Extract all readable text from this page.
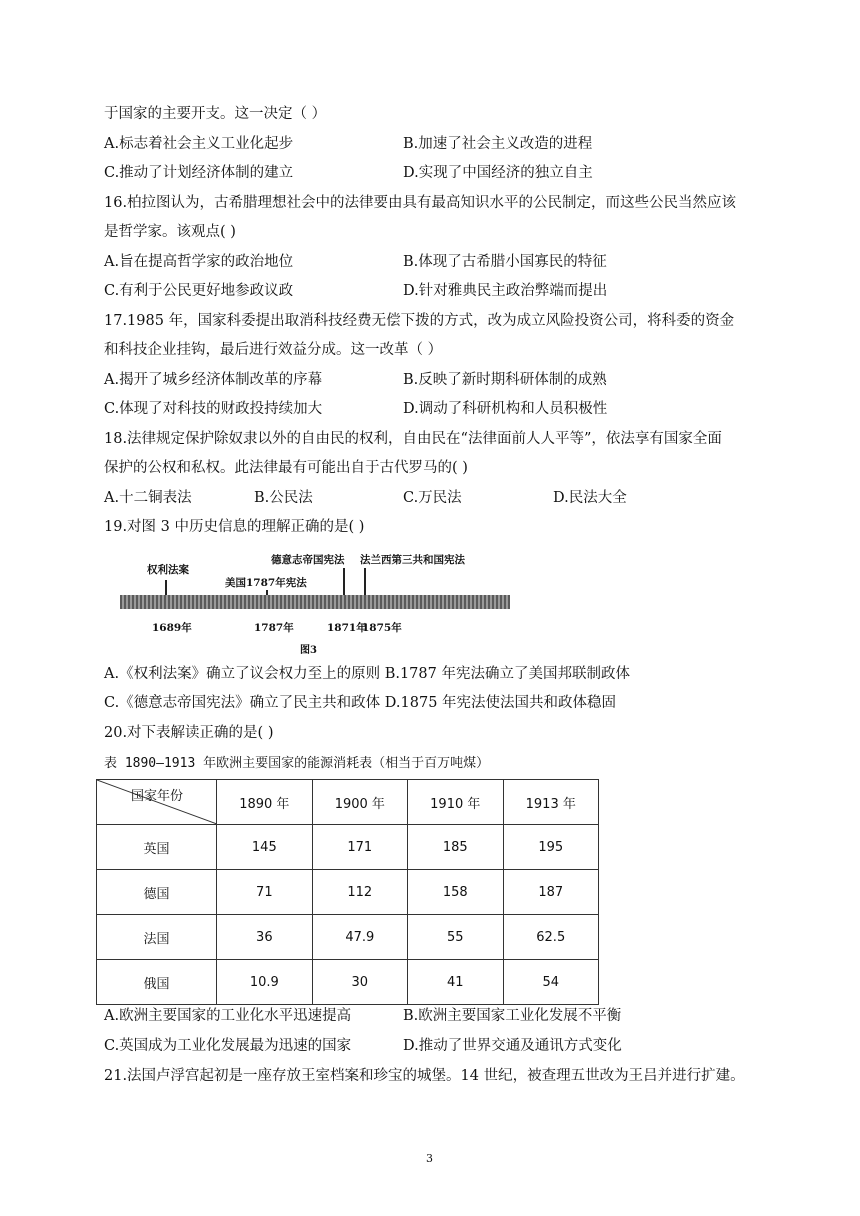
于国家的主要开支。这一决定（ ）
A.标志着社会主义工业化起步	B.加速了社会主义改造的进程
C.推动了计划经济体制的建立	D.实现了中国经济的独立自主
16.柏拉图认为，古希腊理想社会中的法律要由具有最高知识水平的公民制定，而这些公民当然应该
是哲学家。该观点( )
A.旨在提高哲学家的政治地位	B.体现了古希腊小国寡民的特征
C.有利于公民更好地参政议政	D.针对雅典民主政治弊端而提出
17.1985 年，国家科委提出取消科技经费无偿下拨的方式，改为成立风险投资公司，将科委的资金
和科技企业挂钩，最后进行效益分成。这一改革（ ）
A.揭开了城乡经济体制改革的序幕	B.反映了新时期科研体制的成熟
C.体现了对科技的财政投持续加大	D.调动了科研机构和人员积极性
18.法律规定保护除奴隶以外的自由民的权利，自由民在“法律面前人人平等”，依法享有国家全面
保护的公权和私权。此法律最有可能出自于古代罗马的( )
A.十二铜表法	B.公民法	C.万民法	D.民法大全
19.对图 3 中历史信息的理解正确的是( )
权利法案
美国1787年宪法
德意志帝国宪法 法兰西第三共和国宪法
1689年	1787年	1871年
1875年
图3
A.《权利法案》确立了议会权力至上的原则 B.1787 年宪法确立了美国邦联制政体
C.《德意志帝国宪法》确立了民主共和政体 D.1875 年宪法使法国共和政体稳固
20.对下表解读正确的是( )
表 1890—1913 年欧洲主要国家的能源消耗表（相当于百万吨煤）
国家年份	1890 年	1900 年	1910 年	1913 年
英国	145	171	185	195
德国	71	112	158	187
法国	36	47.9	55	62.5
俄国	10.9	30	41	54
A.欧洲主要国家的工业化水平迅速提高	B.欧洲主要国家工业化发展不平衡
C.英国成为工业化发展最为迅速的国家	D.推动了世界交通及通讯方式变化
21.法国卢浮宫起初是一座存放王室档案和珍宝的城堡。14 世纪，被查理五世改为王吕并进行扩建。
3
